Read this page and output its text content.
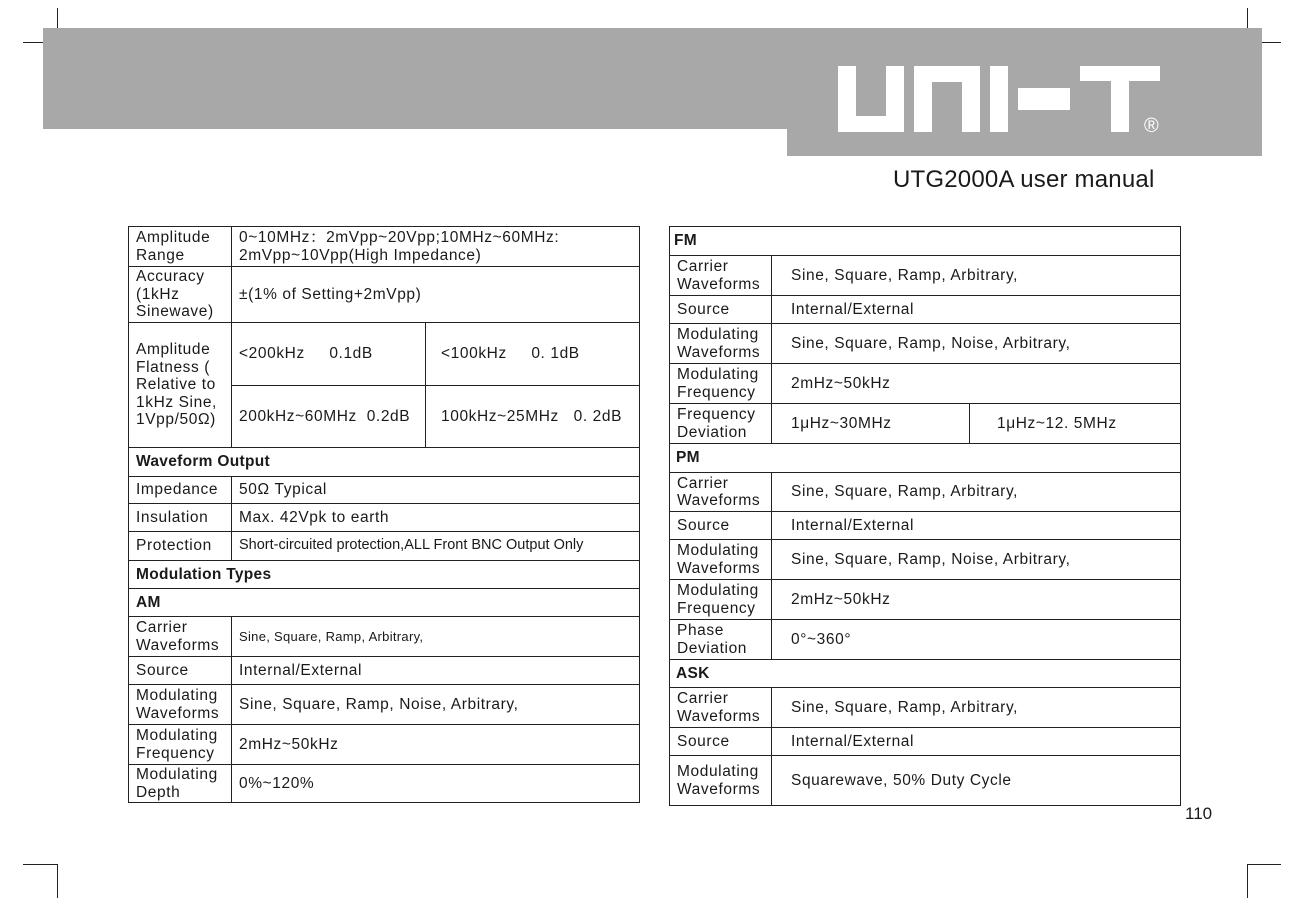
®
UTG2000A user manual
Amplitude Range	0~10MHz：2mVpp~20Vpp;10MHz~60MHz:
2mVpp~10Vpp(High Impedance)	

Accuracy (1kHz Sinewave)	±(1% of Setting+2mVpp)	
Amplitude Flatness ( Relative to 1kHz Sine, 1Vpp/50Ω)	<200kHz     0.1dB	<100kHz     0. 1dB
	200kHz~60MHz  0.2dB	100kHz~25MHz   0. 2dB
Waveform Output		
Impedance	50Ω Typical	
Insulation	Max. 42Vpk to earth	
Protection	Short-circuited protection,ALL Front BNC Output Only	
Modulation Types		
AM		
Carrier Waveforms	Sine, Square, Ramp, Arbitrary,	
Source	Internal/External	
Modulating Waveforms	Sine, Square, Ramp, Noise, Arbitrary,	
Modulating Frequency	2mHz~50kHz	
Modulating Depth	0%~120%	
FM		
Carrier Waveforms	Sine, Square, Ramp, Arbitrary,	
Source	Internal/External	
Modulating Waveforms	Sine, Square, Ramp, Noise, Arbitrary,	
Modulating Frequency	2mHz~50kHz	
Frequency Deviation	1μHz~30MHz	1μHz~12. 5MHz
PM		
Carrier Waveforms	Sine, Square, Ramp, Arbitrary,	
Source	Internal/External	
Modulating Waveforms	Sine, Square, Ramp, Noise, Arbitrary,	
Modulating Frequency	2mHz~50kHz	
Phase Deviation	0°~360°	
ASK		
Carrier Waveforms	Sine, Square, Ramp, Arbitrary,	
Source	Internal/External	
Modulating Waveforms	Squarewave, 50% Duty Cycle	
110
